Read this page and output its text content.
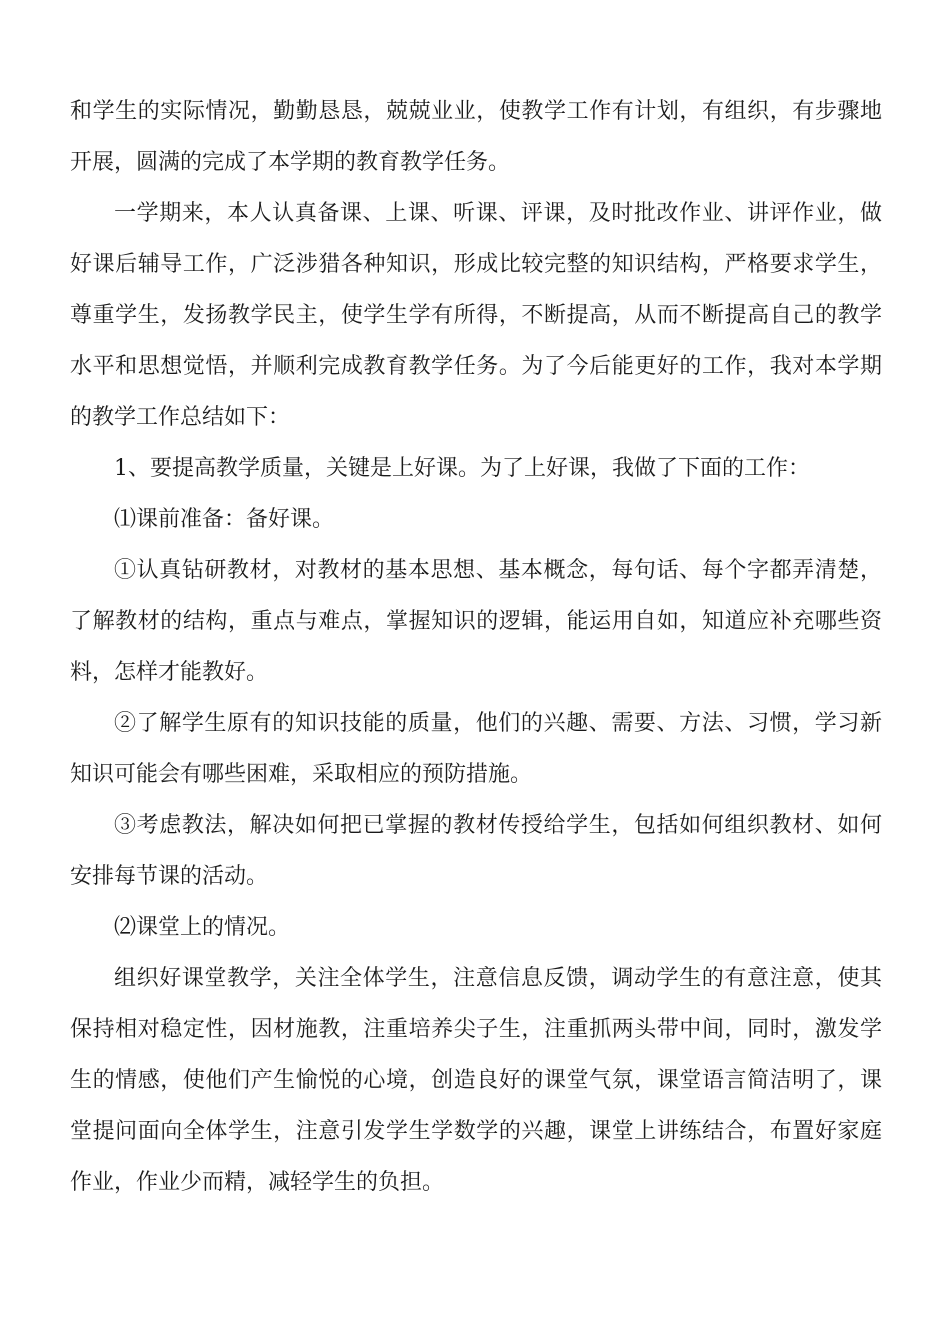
和学生的实际情况，勤勤恳恳，兢兢业业，使教学工作有计划，有组织，有步骤地开展，圆满的完成了本学期的教育教学任务。

一学期来，本人认真备课、上课、听课、评课，及时批改作业、讲评作业，做好课后辅导工作，广泛涉猎各种知识，形成比较完整的知识结构，严格要求学生，尊重学生，发扬教学民主，使学生学有所得，不断提高，从而不断提高自己的教学水平和思想觉悟，并顺利完成教育教学任务。为了今后能更好的工作，我对本学期的教学工作总结如下：

1、要提高教学质量，关键是上好课。为了上好课，我做了下面的工作：

⑴课前准备：备好课。

①认真钻研教材，对教材的基本思想、基本概念，每句话、每个字都弄清楚，了解教材的结构，重点与难点，掌握知识的逻辑，能运用自如，知道应补充哪些资料，怎样才能教好。

②了解学生原有的知识技能的质量，他们的兴趣、需要、方法、习惯，学习新知识可能会有哪些困难，采取相应的预防措施。

③考虑教法，解决如何把已掌握的教材传授给学生，包括如何组织教材、如何安排每节课的活动。

⑵课堂上的情况。

组织好课堂教学，关注全体学生，注意信息反馈，调动学生的有意注意，使其保持相对稳定性，因材施教，注重培养尖子生，注重抓两头带中间，同时，激发学生的情感，使他们产生愉悦的心境，创造良好的课堂气氛，课堂语言简洁明了，课堂提问面向全体学生，注意引发学生学数学的兴趣，课堂上讲练结合，布置好家庭作业，作业少而精，减轻学生的负担。
